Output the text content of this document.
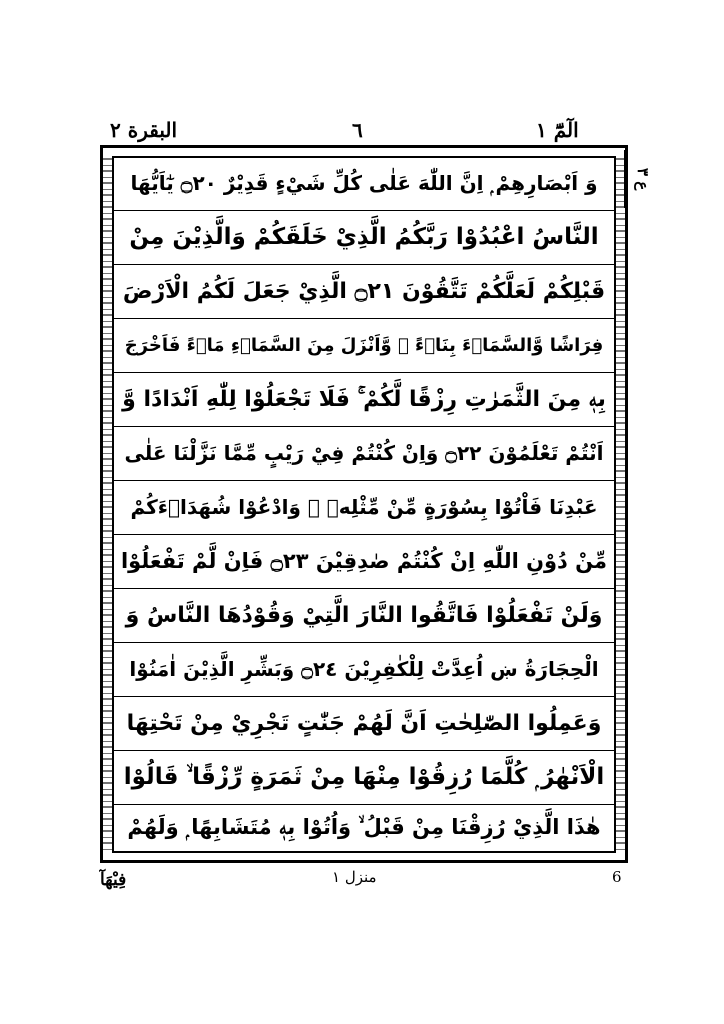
البقرة ٢	٦	الٓمّٓ ١
ع ٣
وَ اَبْصَارِهِمْ ۭ اِنَّ اللّٰهَ عَلٰى كُلِّ شَيْءٍ قَدِيْرٌ ۝٢٠ يٰٓاَيُّهَا
النَّاسُ اعْبُدُوْا رَبَّكُمُ الَّذِيْ خَلَقَكُمْ وَالَّذِيْنَ مِنْ
قَبْلِكُمْ لَعَلَّكُمْ تَتَّقُوْنَ ۝٢١ الَّذِيْ جَعَلَ لَكُمُ الْاَرْضَ
فِرَاشًا وَّالسَّمَاۗءَ بِنَاۗءً ۠ وَّاَنْزَلَ مِنَ السَّمَاۗءِ مَاۗءً فَاَخْرَجَ
بِهٖ مِنَ الثَّمَرٰتِ رِزْقًا لَّكُمْ ۚ فَلَا تَجْعَلُوْا لِلّٰهِ اَنْدَادًا وَّ
اَنْتُمْ تَعْلَمُوْنَ ۝٢٢ وَاِنْ كُنْتُمْ فِيْ رَيْبٍ مِّمَّا نَزَّلْنَا عَلٰى
عَبْدِنَا فَاْتُوْا بِسُوْرَةٍ مِّنْ مِّثْلِهٖ ۠ وَادْعُوْا شُهَدَاۗءَكُمْ
مِّنْ دُوْنِ اللّٰهِ اِنْ كُنْتُمْ صٰدِقِيْنَ ۝٢٣ فَاِنْ لَّمْ تَفْعَلُوْا
وَلَنْ تَفْعَلُوْا فَاتَّقُوا النَّارَ الَّتِيْ وَقُوْدُهَا النَّاسُ وَ
الْحِجَارَةُ ښ اُعِدَّتْ لِلْكٰفِرِيْنَ ۝٢٤ وَبَشِّرِ الَّذِيْنَ اٰمَنُوْا
وَعَمِلُوا الصّٰلِحٰتِ اَنَّ لَهُمْ جَنّٰتٍ تَجْرِيْ مِنْ تَحْتِهَا
الْاَنْهٰرُ ۭ كُلَّمَا رُزِقُوْا مِنْهَا مِنْ ثَمَرَةٍ رِّزْقًا ۙ قَالُوْا
ھٰذَا الَّذِيْ رُزِقْنَا مِنْ قَبْلُ ۙ وَاُتُوْا بِهٖ مُتَشَابِهًا ۭ وَلَهُمْ
فِيْهَآ	منزل ١	6
